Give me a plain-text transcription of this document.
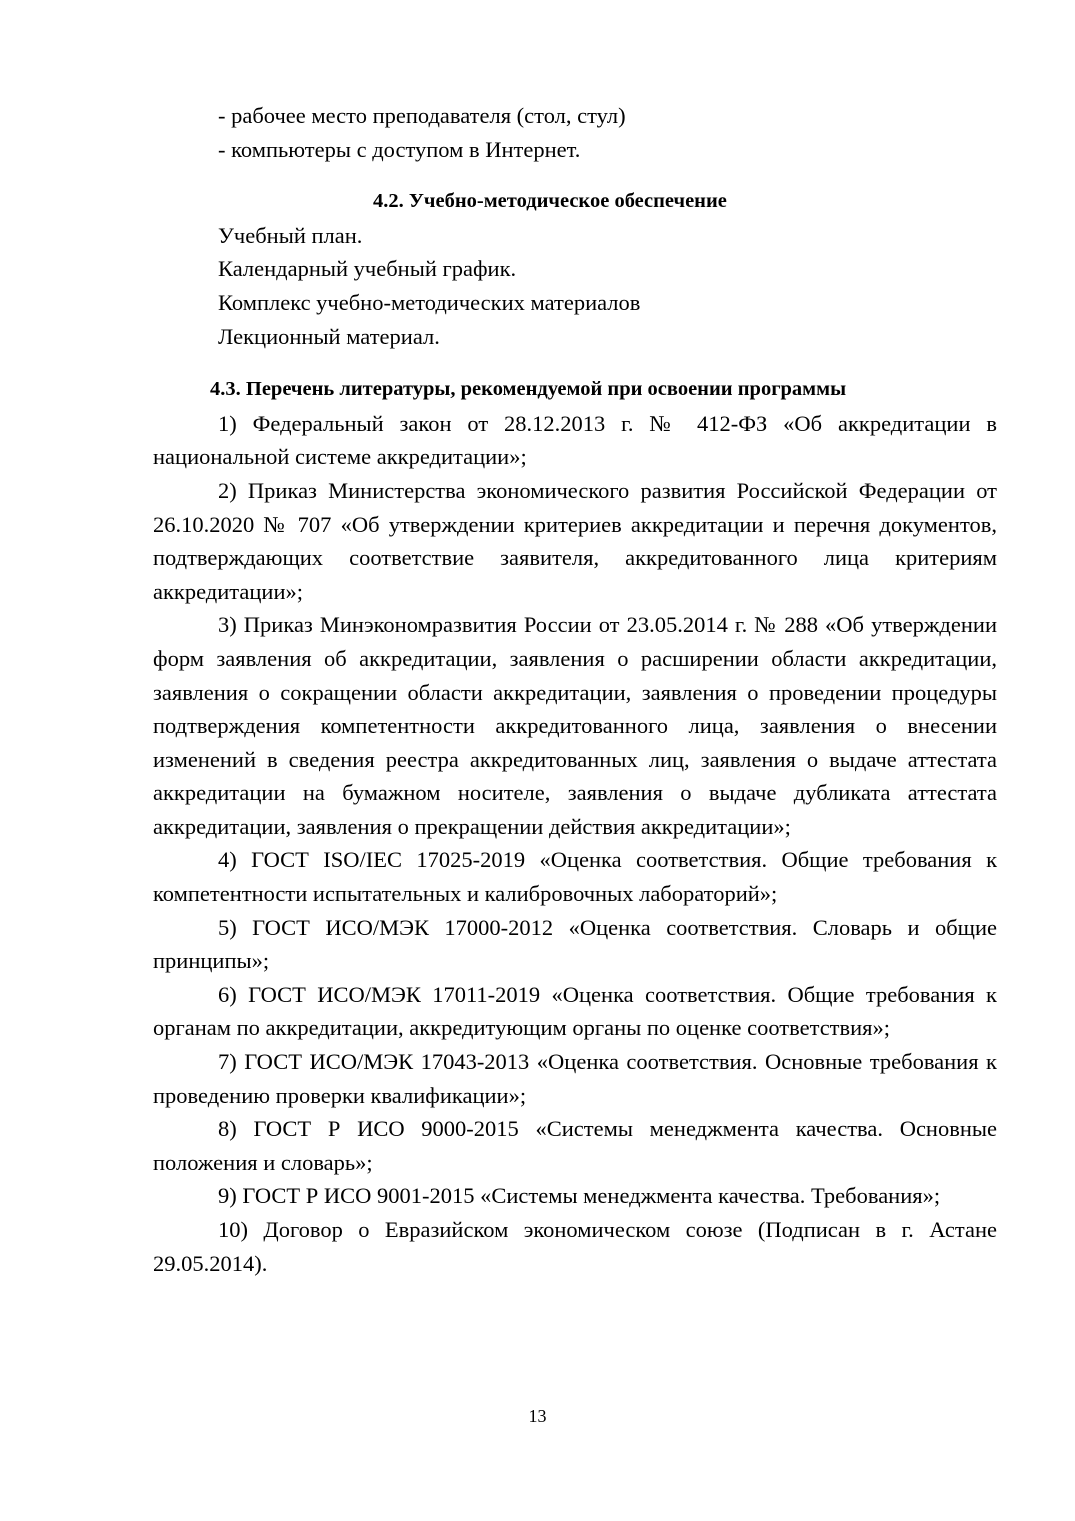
- рабочее место преподавателя (стол, стул)

- компьютеры с доступом в Интернет.

4.2. Учебно-методическое обеспечение

Учебный план.

Календарный учебный график.

Комплекс учебно-методических материалов

Лекционный материал.

4.3. Перечень литературы, рекомендуемой при освоении программы

1) Федеральный закон от 28.12.2013 г. № 412-ФЗ «Об аккредитации в национальной системе аккредитации»;

2) Приказ Министерства экономического развития Российской Федерации от 26.10.2020 № 707 «Об утверждении критериев аккредитации и перечня документов, подтверждающих соответствие заявителя, аккредитованного лица критериям аккредитации»;

3) Приказ Минэкономразвития России от 23.05.2014 г. № 288 «Об утверждении форм заявления об аккредитации, заявления о расширении области аккредитации, заявления о сокращении области аккредитации, заявления о проведении процедуры подтверждения компетентности аккредитованного лица, заявления о внесении изменений в сведения реестра аккредитованных лиц, заявления о выдаче аттестата аккредитации на бумажном носителе, заявления о выдаче дубликата аттестата аккредитации, заявления о прекращении действия аккредитации»;

4) ГОСТ ISO/IEC 17025-2019 «Оценка соответствия. Общие требования к компетентности испытательных и калибровочных лабораторий»;

5) ГОСТ ИСО/МЭК 17000-2012 «Оценка соответствия. Словарь и общие принципы»;

6) ГОСТ ИСО/МЭК 17011-2019 «Оценка соответствия. Общие требования к органам по аккредитации, аккредитующим органы по оценке соответствия»;

7) ГОСТ ИСО/МЭК 17043-2013 «Оценка соответствия. Основные требования к проведению проверки квалификации»;

8) ГОСТ Р ИСО 9000-2015 «Системы менеджмента качества. Основные положения и словарь»;

9) ГОСТ Р ИСО 9001-2015 «Системы менеджмента качества. Требования»;

10) Договор о Евразийском экономическом союзе (Подписан в г. Астане 29.05.2014).

13
